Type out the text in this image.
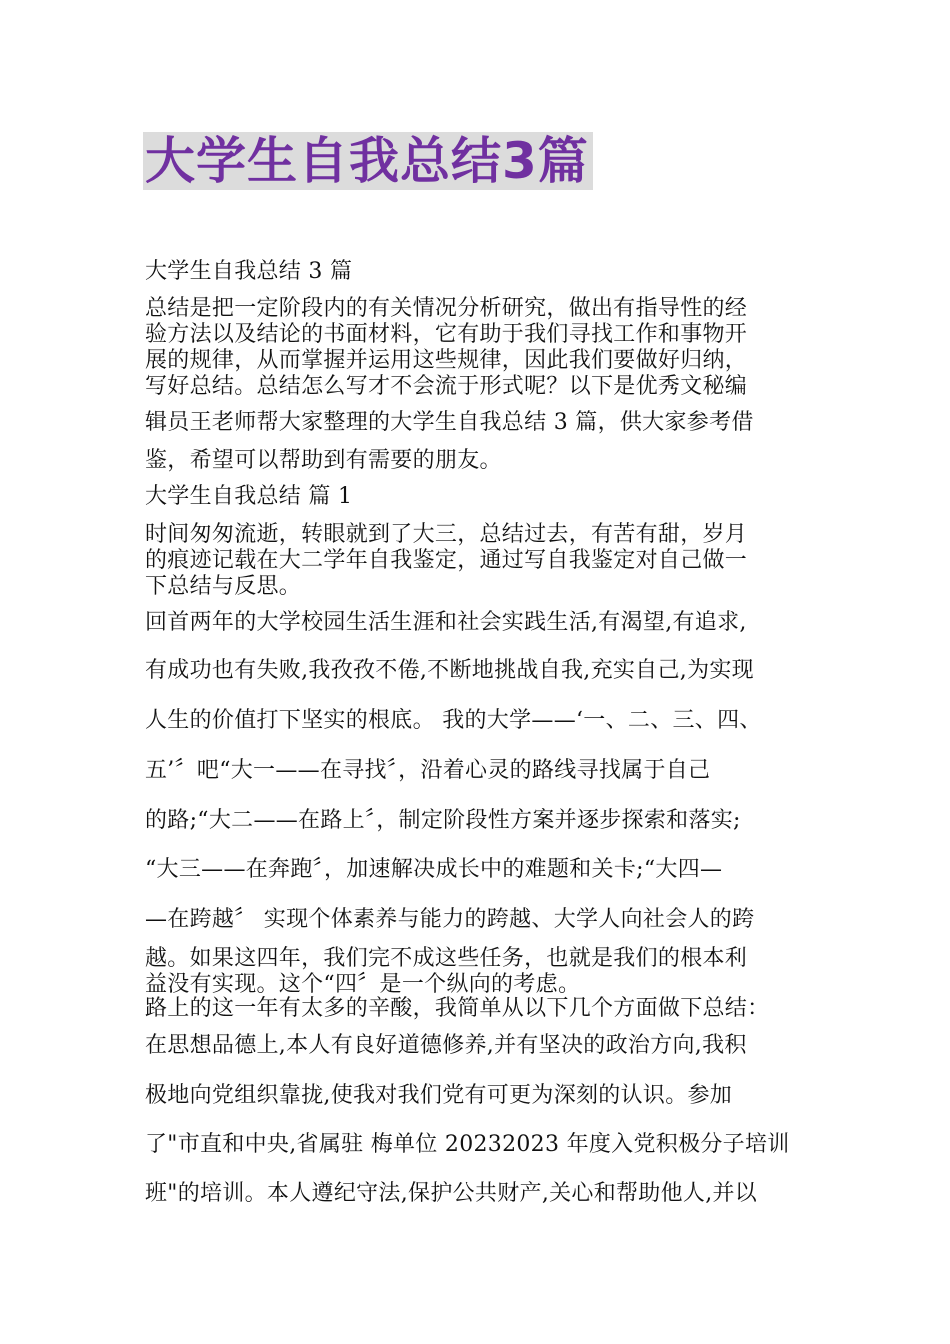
大学生自我总结3篇
大学生自我总结 3 篇
总结是把一定阶段内的有关情况分析研究，做出有指导性的经
验方法以及结论的书面材料，它有助于我们寻找工作和事物开
展的规律，从而掌握并运用这些规律，因此我们要做好归纳，
写好总结。总结怎么写才不会流于形式呢？以下是优秀文秘编
辑员王老师帮大家整理的大学生自我总结 3 篇，供大家参考借
鉴，希望可以帮助到有需要的朋友。
大学生自我总结 篇 1
时间匆匆流逝，转眼就到了大三，总结过去，有苦有甜，岁月
的痕迹记载在大二学年自我鉴定，通过写自我鉴定对自己做一
下总结与反思。
回首两年的大学校园生活生涯和社会实践生活,有渴望,有追求,
有成功也有失败,我孜孜不倦,不断地挑战自我,充实自己,为实现
人生的价值打下坚实的根底。 我的大学——‘一、二、三、四、
五’〞吧“大一——在寻找〞，沿着心灵的路线寻找属于自己
的路;“大二——在路上〞，制定阶段性方案并逐步探索和落实;
“大三——在奔跑〞，加速解决成长中的难题和关卡;“大四—
—在跨越〞 实现个体素养与能力的跨越、大学人向社会人的跨
越。如果这四年，我们完不成这些任务，也就是我们的根本利
益没有实现。这个“四〞是一个纵向的考虑。
路上的这一年有太多的辛酸，我简单从以下几个方面做下总结：
在思想品德上,本人有良好道德修养,并有坚决的政治方向,我积
极地向党组织靠拢,使我对我们党有可更为深刻的认识。参加
了"市直和中央,省属驻 梅单位 20232023 年度入党积极分子培训
班"的培训。本人遵纪守法,保护公共财产,关心和帮助他人,并以
